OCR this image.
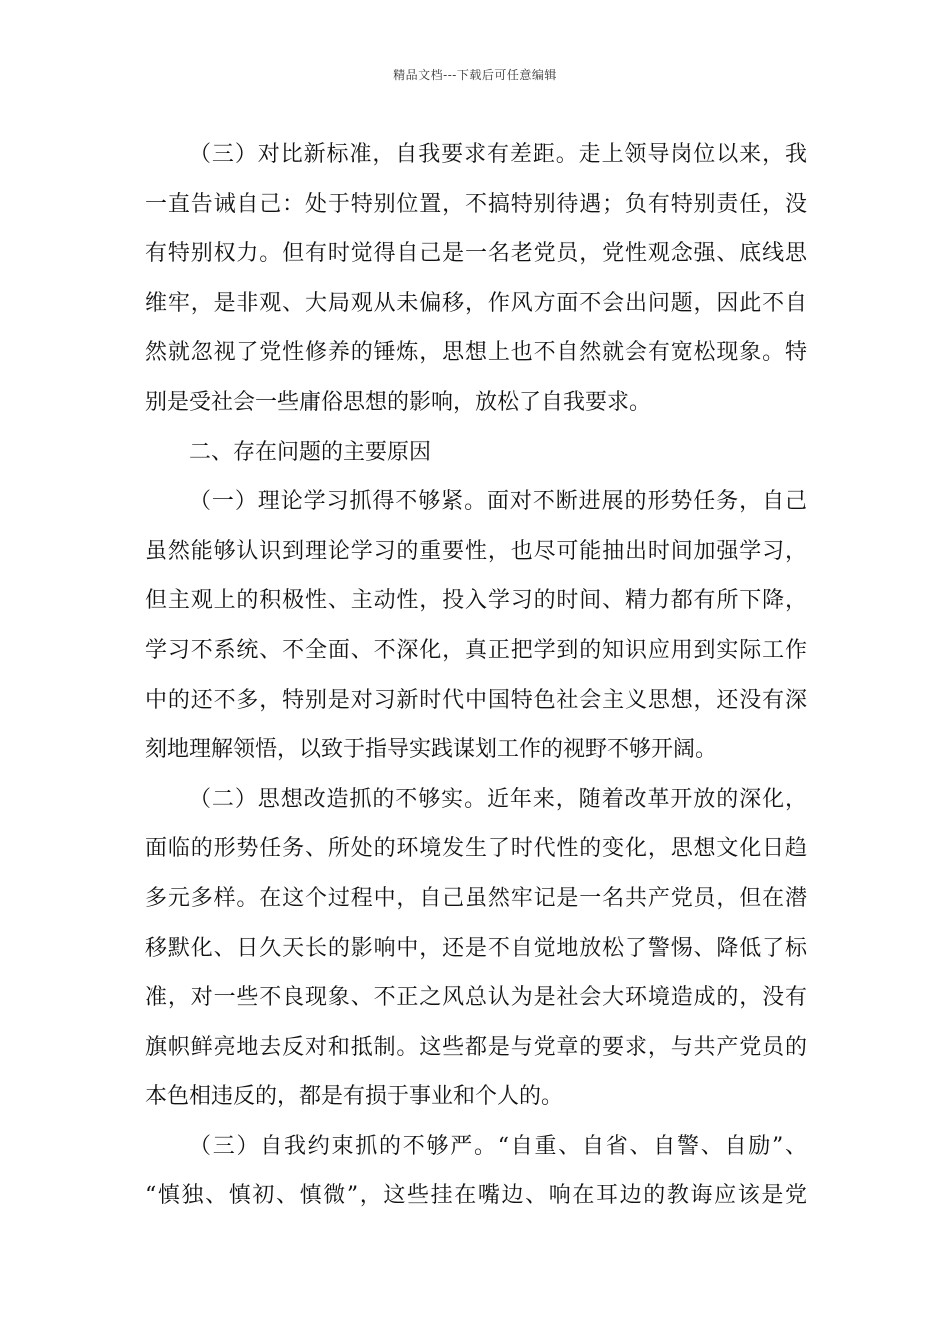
精品文档---下载后可任意编辑
（三）对比新标准，自我要求有差距。走上领导岗位以来，我
一直告诫自己：处于特别位置，不搞特别待遇；负有特别责任，没
有特别权力。但有时觉得自己是一名老党员，党性观念强、底线思
维牢，是非观、大局观从未偏移，作风方面不会出问题，因此不自
然就忽视了党性修养的锤炼，思想上也不自然就会有宽松现象。特
别是受社会一些庸俗思想的影响，放松了自我要求。
二、存在问题的主要原因
（一）理论学习抓得不够紧。面对不断进展的形势任务，自己
虽然能够认识到理论学习的重要性，也尽可能抽出时间加强学习，
但主观上的积极性、主动性，投入学习的时间、精力都有所下降，
学习不系统、不全面、不深化，真正把学到的知识应用到实际工作
中的还不多，特别是对习新时代中国特色社会主义思想，还没有深
刻地理解领悟，以致于指导实践谋划工作的视野不够开阔。
（二）思想改造抓的不够实。近年来，随着改革开放的深化，
面临的形势任务、所处的环境发生了时代性的变化，思想文化日趋
多元多样。在这个过程中，自己虽然牢记是一名共产党员，但在潜
移默化、日久天长的影响中，还是不自觉地放松了警惕、降低了标
准，对一些不良现象、不正之风总认为是社会大环境造成的，没有
旗帜鲜亮地去反对和抵制。这些都是与党章的要求，与共产党员的
本色相违反的，都是有损于事业和个人的。
（三）自我约束抓的不够严。“自重、自省、自警、自励”、
“慎独、慎初、慎微”，这些挂在嘴边、响在耳边的教诲应该是党
